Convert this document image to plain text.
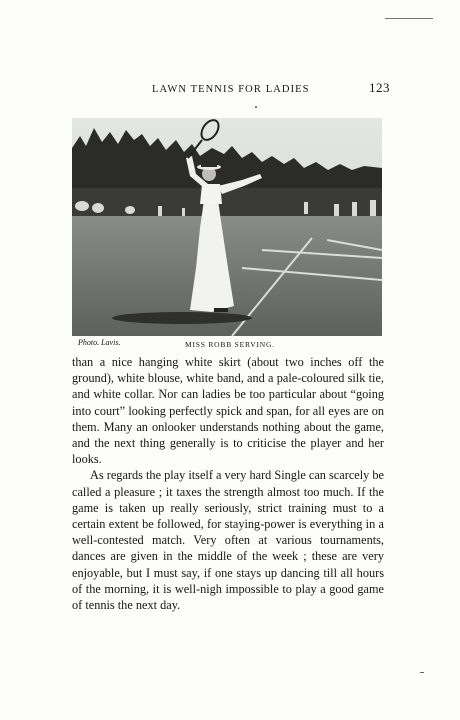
LAWN TENNIS FOR LADIES	123
Photo. Lavis.	MISS ROBB SERVING.

than a nice hanging white skirt (about two inches off the ground), white blouse, white band, and a pale-coloured silk tie, and white collar. Nor can ladies be too particular about “going into court” looking perfectly spick and span, for all eyes are on them. Many an onlooker understands nothing about the game, and the next thing generally is to criticise the player and her looks.

As regards the play itself a very hard Single can scarcely be called a pleasure ; it taxes the strength almost too much. If the game is taken up really seriously, strict training must to a certain extent be followed, for staying-power is everything in a well-contested match. Very often at various tournaments, dances are given in the middle of the week ; these are very enjoyable, but I must say, if one stays up dancing till all hours of the morning, it is well-nigh impossible to play a good game of tennis the next day.
